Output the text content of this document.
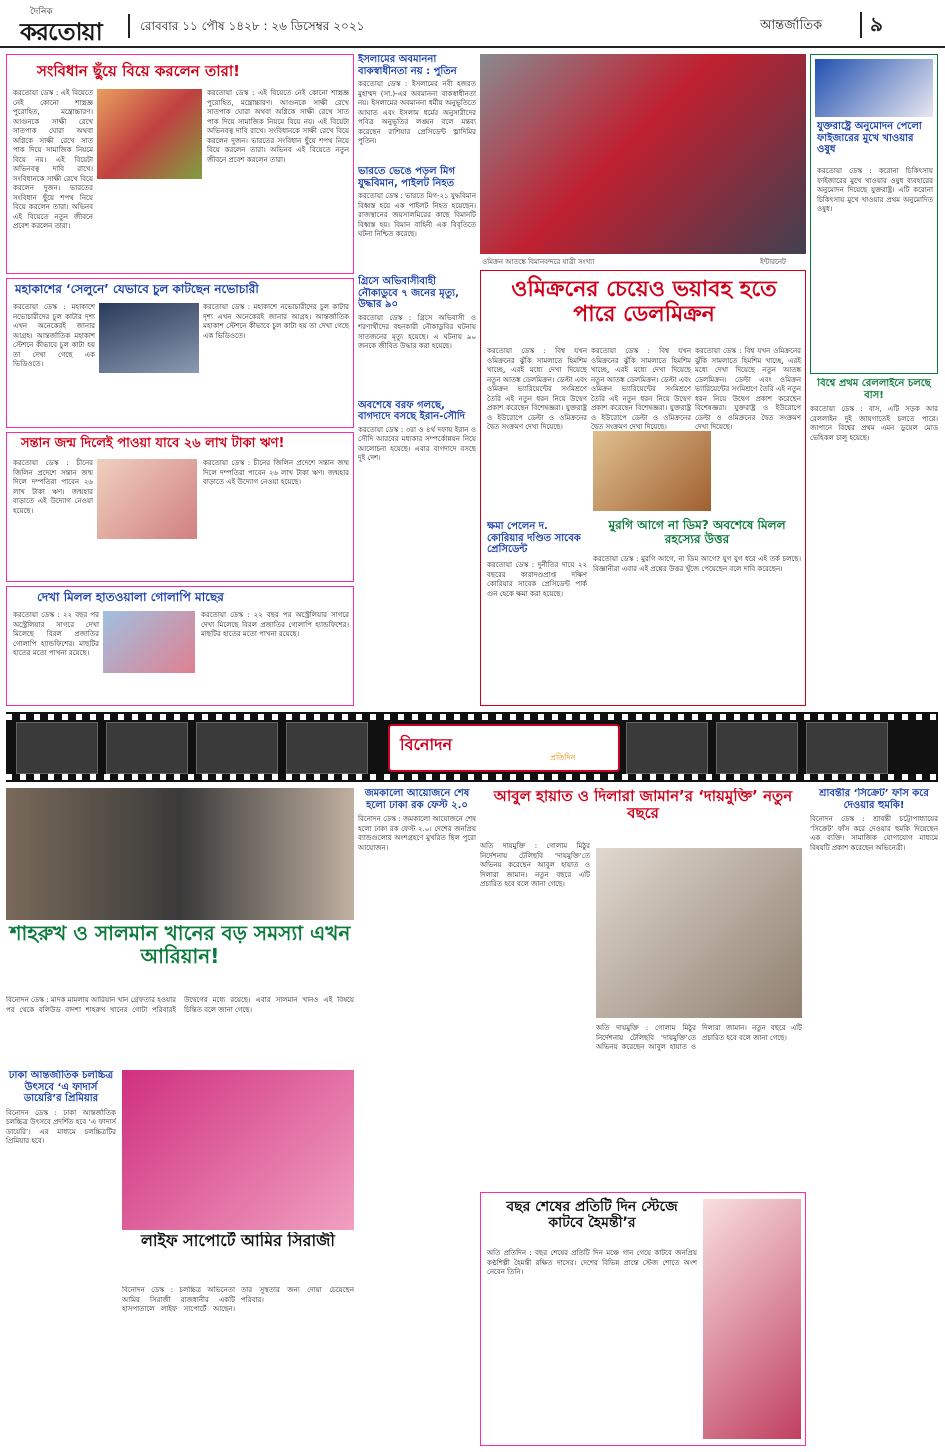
দৈনিক
করতোয়া	রোববার ১১ পৌষ ১৪২৮ : ২৬ ডিসেম্বর ২০২১	আন্তর্জাতিক ৯
সংবিধান ছুঁয়ে বিয়ে করলেন তারা!
করতোয়া ডেস্ক : এই বিয়েতে নেই কোনো শাস্ত্রজ্ঞ পুরোহিত, মন্ত্রোচ্চারণ। আগুনকে সাক্ষী রেখে সাতপাক ঘোরা অথবা অগ্নিকে সাক্ষী রেখে সাত পাক দিয়ে সামাজিক নিয়মে বিয়ে নয়। এই বিয়েটা অভিনবত্ব দাবি রাখে। সংবিধানকে সাক্ষী রেখে বিয়ে করলেন দুজন। ভারতের সংবিধান ছুঁয়ে শপথ নিয়ে বিয়ে করলেন তারা। অভিনব এই বিয়েতে নতুন জীবনে প্রবেশ করলেন তারা।
করতোয়া ডেস্ক : এই বিয়েতে নেই কোনো শাস্ত্রজ্ঞ পুরোহিত, মন্ত্রোচ্চারণ। আগুনকে সাক্ষী রেখে সাতপাক ঘোরা অথবা অগ্নিকে সাক্ষী রেখে সাত পাক দিয়ে সামাজিক নিয়মে বিয়ে নয়। এই বিয়েটা অভিনবত্ব দাবি রাখে। সংবিধানকে সাক্ষী রেখে বিয়ে করলেন দুজন। ভারতের সংবিধান ছুঁয়ে শপথ নিয়ে বিয়ে করলেন তারা। অভিনব এই বিয়েতে নতুন জীবনে প্রবেশ করলেন তারা।
মহাকাশের ‘সেলুনে’ যেভাবে চুল কাটছেন নভোচারী
করতোয়া ডেস্ক : মহাকাশে নভোচারীদের চুল কাটার দৃশ্য এখন অনেকেরই জানার আগ্রহ। আন্তর্জাতিক মহাকাশ স্টেশনে কীভাবে চুল কাটা হয় তা দেখা গেছে এক ভিডিওতে।
করতোয়া ডেস্ক : মহাকাশে নভোচারীদের চুল কাটার দৃশ্য এখন অনেকেরই জানার আগ্রহ। আন্তর্জাতিক মহাকাশ স্টেশনে কীভাবে চুল কাটা হয় তা দেখা গেছে এক ভিডিওতে।
সন্তান জন্ম দিলেই পাওয়া যাবে ২৬ লাখ টাকা ঋণ!
করতোয়া ডেস্ক : চীনের জিলিন প্রদেশে সন্তান জন্ম দিলে দম্পতিরা পাবেন ২৬ লাখ টাকা ঋণ। জন্মহার বাড়াতে এই উদ্যোগ নেওয়া হয়েছে।
করতোয়া ডেস্ক : চীনের জিলিন প্রদেশে সন্তান জন্ম দিলে দম্পতিরা পাবেন ২৬ লাখ টাকা ঋণ। জন্মহার বাড়াতে এই উদ্যোগ নেওয়া হয়েছে।
দেখা মিলল হাতওয়ালা গোলাপি মাছের
করতোয়া ডেস্ক : ২২ বছর পর অস্ট্রেলিয়ার সাগরে দেখা মিলেছে বিরল প্রজাতির গোলাপি হ্যান্ডফিশের। মাছটির হাতের মতো পাখনা রয়েছে।
করতোয়া ডেস্ক : ২২ বছর পর অস্ট্রেলিয়ার সাগরে দেখা মিলেছে বিরল প্রজাতির গোলাপি হ্যান্ডফিশের। মাছটির হাতের মতো পাখনা রয়েছে।
ইসলামের অবমাননা বাকস্বাধীনতা নয় : পুতিন
করতোয়া ডেস্ক : ইসলামের নবী হজরত মুহাম্মদ (সা.)-এর অবমাননা বাকস্বাধীনতা নয়। ইসলামের অবমাননা ধর্মীয় অনুভূতিতে আঘাত এবং ইসলাম ধর্মের অনুসারীদের পবিত্র অনুভূতির লঙ্ঘন বলে মন্তব্য করেছেন রাশিয়ার প্রেসিডেন্ট ভ্লাদিমির পুতিন।
ভারতে ভেঙে পড়ল মিগ যুদ্ধবিমান, পাইলট নিহত
করতোয়া ডেস্ক : ভারতে মিগ-২১ যুদ্ধবিমান বিধ্বস্ত হয়ে এক পাইলট নিহত হয়েছেন। রাজস্থানের জয়সালমিরের কাছে বিমানটি বিধ্বস্ত হয়। বিমান বাহিনী এক বিবৃতিতে ঘটনা নিশ্চিত করেছে।
গ্রিসে অভিবাসীবাহী নৌকাডুবে ৭ জনের মৃত্যু, উদ্ধার ৯০
করতোয়া ডেস্ক : গ্রিসে অভিবাসী ও শরণার্থীদের বহনকারী নৌকাডুবির ঘটনায় সাতজনের মৃত্যু হয়েছে। এ ঘটনায় ৯০ জনকে জীবিত উদ্ধার করা হয়েছে।
অবশেষে বরফ গলছে, বাগদাদে বসছে ইরান-সৌদি
করতোয়া ডেস্ক : ৩রা ও ৪র্থ দফায় ইরান ও সৌদি আরবের মধ্যকার সম্পর্কোন্নয়ন নিয়ে আলোচনা হয়েছে। এবার বাগদাদে বসছে দুই দেশ।
ওমিক্রন আতঙ্কে বিমানবন্দরে যাত্রী সংখ্যা	ইন্টারনেট
যুক্তরাষ্ট্রে অনুমোদন পেলো ফাইজারের মুখে খাওয়ার ওষুধ
করতোয়া ডেস্ক : করোনা চিকিৎসায় ফাইজারের মুখে খাওয়ার ওষুধ ব্যবহারের অনুমোদন দিয়েছে যুক্তরাষ্ট্র। এটি করোনা চিকিৎসায় মুখে খাওয়ার প্রথম অনুমোদিত ওষুধ।
বিশ্বে প্রথম রেললাইনে চলছে বাস!
করতোয়া ডেস্ক : বাস, এটি সড়ক আর রেললাইন দুই জায়গাতেই চলতে পারে। জাপানে বিশ্বের প্রথম এমন ডুয়েল মোড ভেহিকল চালু হয়েছে।
ওমিক্রনের চেয়েও ভয়াবহ হতে পারে ডেলমিক্রন
করতোয়া ডেস্ক : বিশ্ব যখন ওমিক্রনের ঝুঁকি সামলাতে হিমশিম খাচ্ছে, এরই মধ্যে দেখা দিয়েছে নতুন আতঙ্ক ডেলমিক্রন। ডেল্টা এবং ওমিক্রন ভ্যারিয়েন্টের সংমিশ্রণে তৈরি এই নতুন ধরন নিয়ে উদ্বেগ প্রকাশ করেছেন বিশেষজ্ঞরা। যুক্তরাষ্ট্র ও ইউরোপে ডেল্টা ও ওমিক্রনের দ্বৈত সংক্রমণ দেখা দিয়েছে।
করতোয়া ডেস্ক : বিশ্ব যখন ওমিক্রনের ঝুঁকি সামলাতে হিমশিম খাচ্ছে, এরই মধ্যে দেখা দিয়েছে নতুন আতঙ্ক ডেলমিক্রন। ডেল্টা এবং ওমিক্রন ভ্যারিয়েন্টের সংমিশ্রণে তৈরি এই নতুন ধরন নিয়ে উদ্বেগ প্রকাশ করেছেন বিশেষজ্ঞরা। যুক্তরাষ্ট্র ও ইউরোপে ডেল্টা ও ওমিক্রনের দ্বৈত সংক্রমণ দেখা দিয়েছে।
করতোয়া ডেস্ক : বিশ্ব যখন ওমিক্রনের ঝুঁকি সামলাতে হিমশিম খাচ্ছে, এরই মধ্যে দেখা দিয়েছে নতুন আতঙ্ক ডেলমিক্রন। ডেল্টা এবং ওমিক্রন ভ্যারিয়েন্টের সংমিশ্রণে তৈরি এই নতুন ধরন নিয়ে উদ্বেগ প্রকাশ করেছেন বিশেষজ্ঞরা। যুক্তরাষ্ট্র ও ইউরোপে ডেল্টা ও ওমিক্রনের দ্বৈত সংক্রমণ দেখা দিয়েছে।
মুরগি আগে না ডিম? অবশেষে মিলল রহস্যের উত্তর
করতোয়া ডেস্ক : মুরগি আগে, না ডিম আগে? যুগ যুগ ধরে এই তর্ক চলছে। বিজ্ঞানীরা এবার এই প্রশ্নের উত্তর খুঁজে পেয়েছেন বলে দাবি করেছেন।
ক্ষমা পেলেন দ. কোরিয়ার দণ্ডিত সাবেক প্রেসিডেন্ট
করতোয়া ডেস্ক : দুর্নীতির দায়ে ২২ বছরের কারাদণ্ডপ্রাপ্ত দক্ষিণ কোরিয়ার সাবেক প্রেসিডেন্ট পার্ক গুন হেকে ক্ষমা করা হয়েছে।
বিনোদন
প্রতিদিন
শাহরুখ ও সালমান খানের বড় সমস্যা এখন আরিয়ান!
বিনোদন ডেস্ক : মাদক মামলায় আরিয়ান খান গ্রেফতার হওয়ার পর থেকে বলিউড বাদশা শাহরুখ খানের গোটা পরিবারই উদ্বেগের মধ্যে রয়েছে। এবার সালমান খানও এই বিষয়ে চিন্তিত বলে জানা গেছে।
ঢাকা আন্তর্জাতিক চলচ্চিত্র উৎসবে ‘এ ফাদার্স ডায়েরি’র প্রিমিয়ার
বিনোদন ডেস্ক : ঢাকা আন্তর্জাতিক চলচ্চিত্র উৎসবে প্রদর্শিত হবে ‘এ ফাদার্স ডায়েরি’। এর মাধ্যমে চলচ্চিত্রটির প্রিমিয়ার হবে।
লাইফ সাপোর্টে আমির সিরাজী
বিনোদন ডেস্ক : চলচ্চিত্র অভিনেতা আমির সিরাজী রাজধানীর একটি হাসপাতালে লাইফ সাপোর্টে আছেন। তার সুস্থতার জন্য দোয়া চেয়েছেন পরিবার।
জমকালো আয়োজনে শেষ হলো ঢাকা রক ফেস্ট ২.০
বিনোদন ডেস্ক : জমকালো আয়োজনে শেষ হলো ঢাকা রক ফেস্ট ২.০। দেশের জনপ্রিয় ব্যান্ডগুলোর অংশগ্রহণে মুখরিত ছিল পুরো আয়োজন।
আবুল হায়াত ও দিলারা জামান’র ‘দায়মুক্তি’ নতুন বছরে
অতি দায়মুক্তি : গোলাম মিঠুর নির্দেশনায় টেলিছবি ‘দায়মুক্তি’তে অভিনয় করেছেন আবুল হায়াত ও দিলারা জামান। নতুন বছরে এটি প্রচারিত হবে বলে জানা গেছে।
অতি দায়মুক্তি : গোলাম মিঠুর নির্দেশনায় টেলিছবি ‘দায়মুক্তি’তে অভিনয় করেছেন আবুল হায়াত ও দিলারা জামান। নতুন বছরে এটি প্রচারিত হবে বলে জানা গেছে।
শ্রাবন্তীর ‘সিক্রেট’ ফাঁস করে দেওয়ার হুমকি!
বিনোদন ডেস্ক : শ্রাবন্তী চট্টোপাধ্যায়ের ‘সিক্রেট’ ফাঁস করে দেওয়ার হুমকি দিয়েছেন এক ব্যক্তি। সামাজিক যোগাযোগ মাধ্যমে বিষয়টি প্রকাশ করেছেন অভিনেত্রী।
বছর শেষের প্রতিটি দিন স্টেজে কাটবে হৈমন্তী’র
অতি প্রতিদিন : বছর শেষের প্রতিটি দিন মঞ্চে গান গেয়ে কাটবে জনপ্রিয় কণ্ঠশিল্পী হৈমন্তী রক্ষিত দাসের। দেশের বিভিন্ন প্রান্তে স্টেজ শোতে অংশ নেবেন তিনি।
